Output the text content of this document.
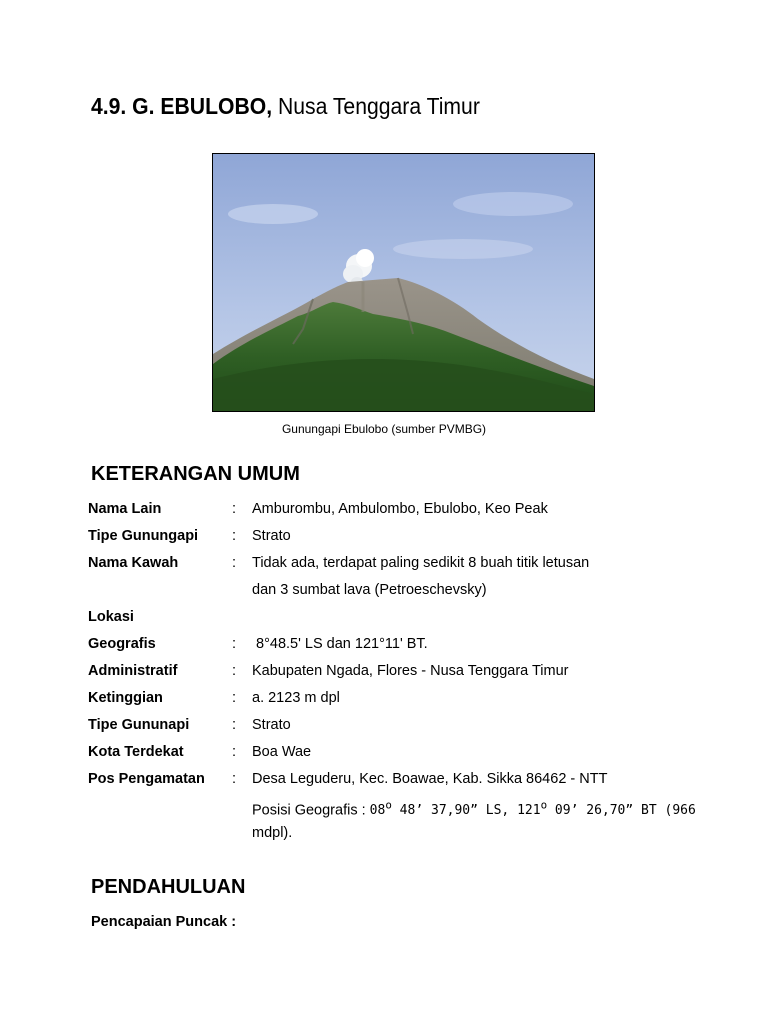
4.9. G. EBULOBO, Nusa Tenggara Timur
Gunungapi Ebulobo (sumber PVMBG)
KETERANGAN UMUM
Nama Lain	: Amburombu, Ambulombo, Ebulobo, Keo Peak
Tipe Gunungapi : Strato
Nama Kawah	: Tidak ada, terdapat paling sedikit 8 buah titik letusan
dan 3 sumbat lava (Petroeschevsky)
Lokasi
Geografis	: 8°48.5' LS dan 121°11' BT.
Administratif	: Kabupaten Ngada, Flores - Nusa Tenggara Timur
Ketinggian	: a. 2123 m dpl
Tipe Gununapi	: Strato
Kota Terdekat	: Boa Wae
Pos Pengamatan : Desa Leguderu, Kec. Boawae, Kab. Sikka 86462 - NTT
Posisi Geografis : 08$^o$ 48’ 37,90” LS, 121$^o$ 09’ 26,70” BT (966
mdpl).
PENDAHULUAN
Pencapaian Puncak :
